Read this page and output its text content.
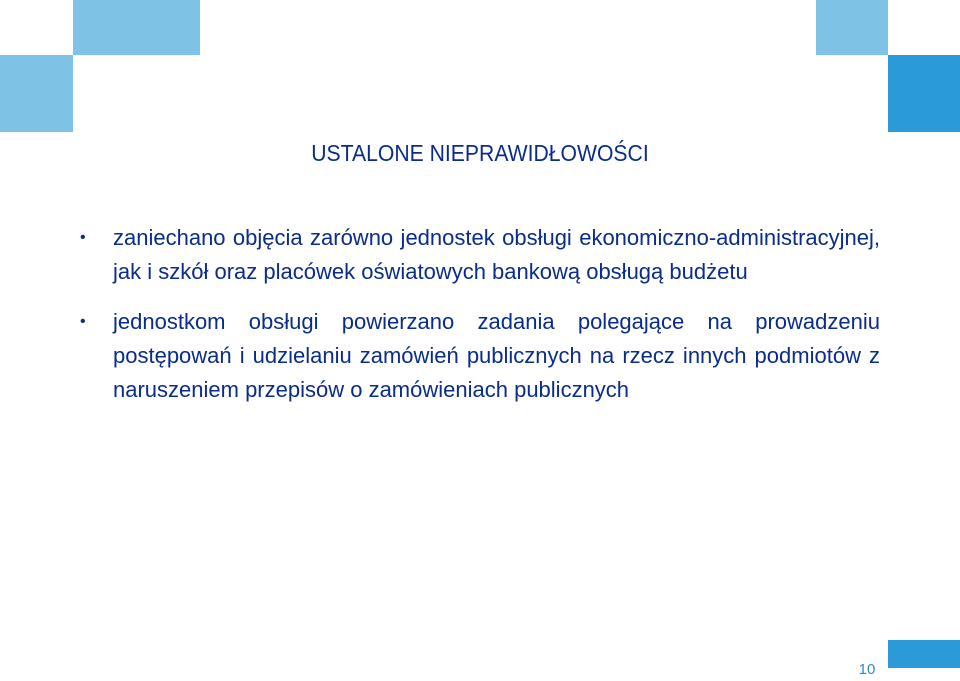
USTALONE NIEPRAWIDŁOWOŚCI
• zaniechano objęcia zarówno jednostek obsługi ekonomiczno-administracyjnej, jak i szkół oraz placówek oświatowych bankową obsługą budżetu
• jednostkom obsługi powierzano zadania polegające na prowadzeniu postępowań i udzielaniu zamówień publicznych na rzecz innych podmiotów z naruszeniem przepisów o zamówieniach publicznych
10
